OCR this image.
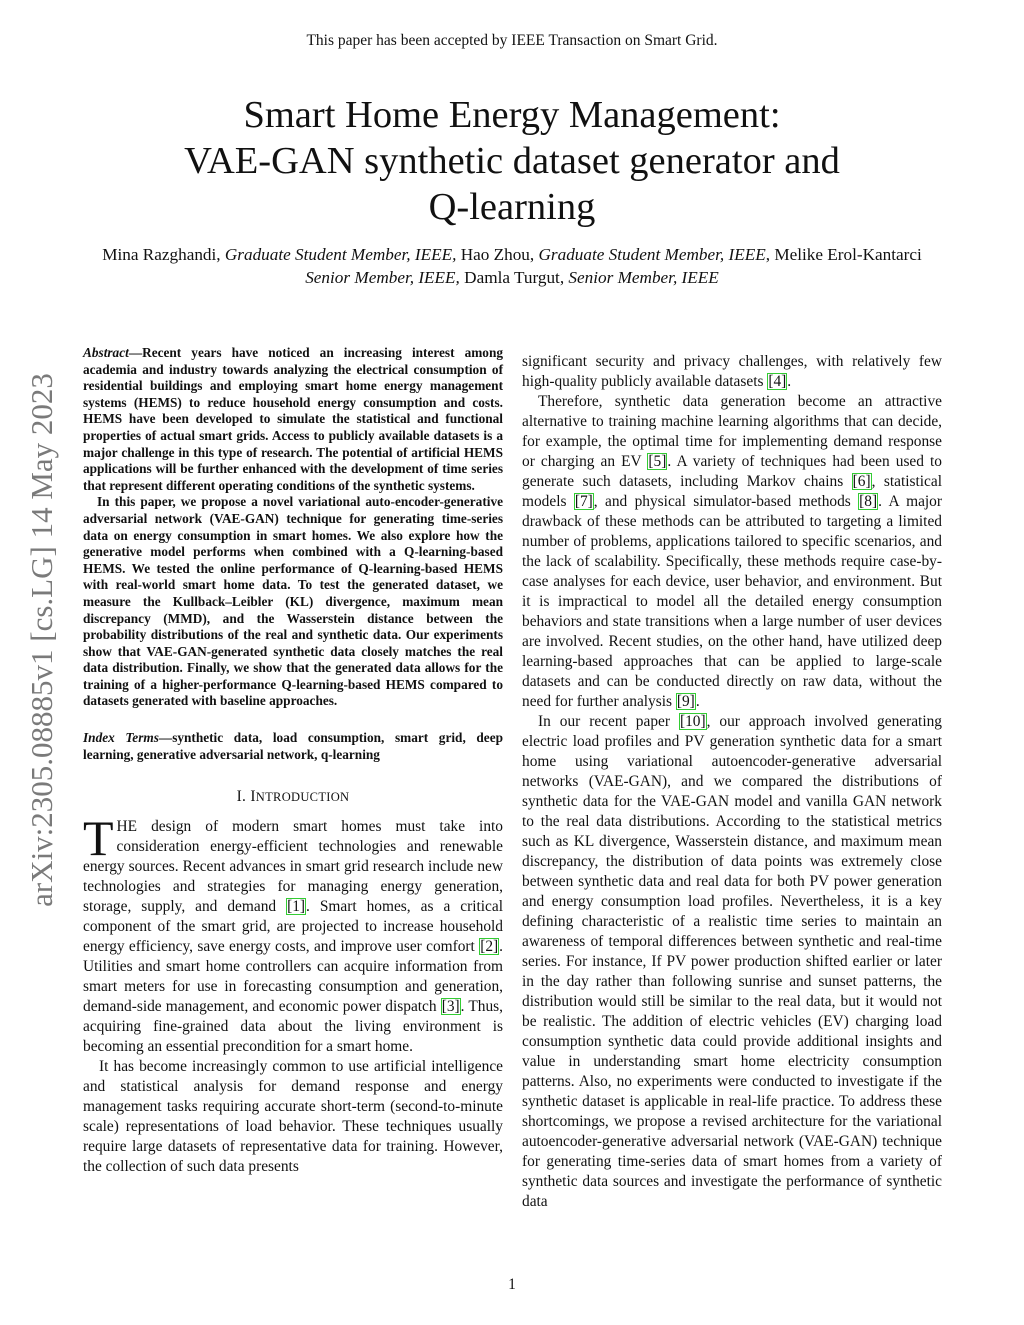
This paper has been accepted by IEEE Transaction on Smart Grid.
Smart Home Energy Management:
VAE-GAN synthetic dataset generator and
Q-learning
Mina Razghandi, Graduate Student Member, IEEE, Hao Zhou, Graduate Student Member, IEEE, Melike Erol-Kantarci Senior Member, IEEE, Damla Turgut, Senior Member, IEEE
arXiv:2305.08885v1 [cs.LG] 14 May 2023

Abstract—Recent years have noticed an increasing interest among academia and industry towards analyzing the electrical consumption of residential buildings and employing smart home energy management systems (HEMS) to reduce household energy consumption and costs. HEMS have been developed to simulate the statistical and functional properties of actual smart grids. Access to publicly available datasets is a major challenge in this type of research. The potential of artificial HEMS applications will be further enhanced with the development of time series that represent different operating conditions of the synthetic systems.

In this paper, we propose a novel variational auto-encoder-generative adversarial network (VAE-GAN) technique for generating time-series data on energy consumption in smart homes. We also explore how the generative model performs when combined with a Q-learning-based HEMS. We tested the online performance of Q-learning-based HEMS with real-world smart home data. To test the generated dataset, we measure the Kullback–Leibler (KL) divergence, maximum mean discrepancy (MMD), and the Wasserstein distance between the probability distributions of the real and synthetic data. Our experiments show that VAE-GAN-generated synthetic data closely matches the real data distribution. Finally, we show that the generated data allows for the training of a higher-performance Q-learning-based HEMS compared to datasets generated with baseline approaches.

Index Terms—synthetic data, load consumption, smart grid, deep learning, generative adversarial network, q-learning
I. INTRODUCTION

THE design of modern smart homes must take into consideration energy-efficient technologies and renewable energy sources. Recent advances in smart grid research include new technologies and strategies for managing energy generation, storage, supply, and demand [1]. Smart homes, as a critical component of the smart grid, are projected to increase household energy efficiency, save energy costs, and improve user comfort [2]. Utilities and smart home controllers can acquire information from smart meters for use in forecasting consumption and generation, demand-side management, and economic power dispatch [3]. Thus, acquiring fine-grained data about the living environment is becoming an essential precondition for a smart home.

It has become increasingly common to use artificial intelligence and statistical analysis for demand response and energy management tasks requiring accurate short-term (second-to-minute scale) representations of load behavior. These techniques usually require large datasets of representative data for training. However, the collection of such data presents

significant security and privacy challenges, with relatively few high-quality publicly available datasets [4].

Therefore, synthetic data generation become an attractive alternative to training machine learning algorithms that can decide, for example, the optimal time for implementing demand response or charging an EV [5]. A variety of techniques had been used to generate such datasets, including Markov chains [6], statistical models [7], and physical simulator-based methods [8]. A major drawback of these methods can be attributed to targeting a limited number of problems, applications tailored to specific scenarios, and the lack of scalability. Specifically, these methods require case-by-case analyses for each device, user behavior, and environment. But it is impractical to model all the detailed energy consumption behaviors and state transitions when a large number of user devices are involved. Recent studies, on the other hand, have utilized deep learning-based approaches that can be applied to large-scale datasets and can be conducted directly on raw data, without the need for further analysis [9].

In our recent paper [10], our approach involved generating electric load profiles and PV generation synthetic data for a smart home using variational autoencoder-generative adversarial networks (VAE-GAN), and we compared the distributions of synthetic data for the VAE-GAN model and vanilla GAN network to the real data distributions. According to the statistical metrics such as KL divergence, Wasserstein distance, and maximum mean discrepancy, the distribution of data points was extremely close between synthetic data and real data for both PV power generation and energy consumption load profiles. Nevertheless, it is a key defining characteristic of a realistic time series to maintain an awareness of temporal differences between synthetic and real-time series. For instance, If PV power production shifted earlier or later in the day rather than following sunrise and sunset patterns, the distribution would still be similar to the real data, but it would not be realistic. The addition of electric vehicles (EV) charging load consumption synthetic data could provide additional insights and value in understanding smart home electricity consumption patterns. Also, no experiments were conducted to investigate if the synthetic dataset is applicable in real-life practice. To address these shortcomings, we propose a revised architecture for the variational autoencoder-generative adversarial network (VAE-GAN) technique for generating time-series data of smart homes from a variety of synthetic data sources and investigate the performance of synthetic data

1
